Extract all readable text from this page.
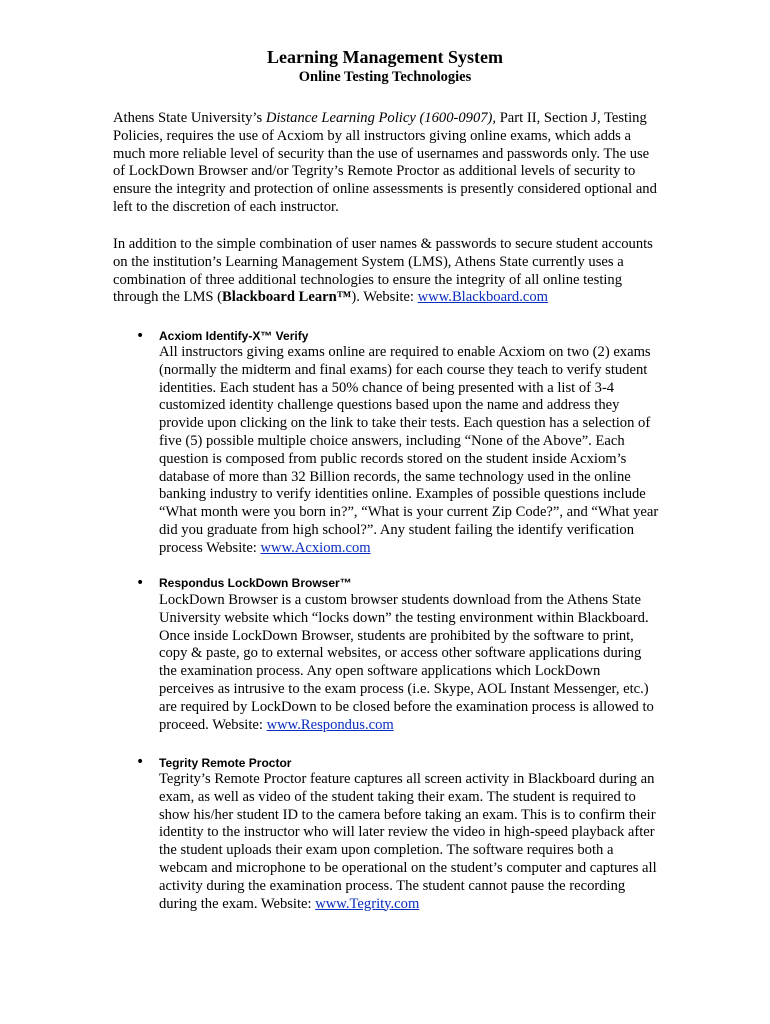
Learning Management System
Online Testing Technologies

Athens State University’s Distance Learning Policy (1600-0907), Part II, Section J, Testing Policies, requires the use of Acxiom by all instructors giving online exams, which adds a much more reliable level of security than the use of usernames and passwords only. The use of LockDown Browser and/or Tegrity’s Remote Proctor as additional levels of security to ensure the integrity and protection of online assessments is presently considered optional and left to the discretion of each instructor.

In addition to the simple combination of user names & passwords to secure student accounts on the institution’s Learning Management System (LMS), Athens State currently uses a combination of three additional technologies to ensure the integrity of all online testing through the LMS (Blackboard Learn™). Website: www.Blackboard.com

• Acxiom Identify-X™ Verify

All instructors giving exams online are required to enable Acxiom on two (2) exams (normally the midterm and final exams) for each course they teach to verify student identities. Each student has a 50% chance of being presented with a list of 3-4 customized identity challenge questions based upon the name and address they provide upon clicking on the link to take their tests. Each question has a selection of five (5) possible multiple choice answers, including “None of the Above”. Each question is composed from public records stored on the student inside Acxiom’s database of more than 32 Billion records, the same technology used in the online banking industry to verify identities online. Examples of possible questions include “What month were you born in?”, “What is your current Zip Code?”, and “What year did you graduate from high school?”. Any student failing the identify verification process Website: www.Acxiom.com

• Respondus LockDown Browser™

LockDown Browser is a custom browser students download from the Athens State University website which “locks down” the testing environment within Blackboard. Once inside LockDown Browser, students are prohibited by the software to print, copy & paste, go to external websites, or access other software applications during the examination process. Any open software applications which LockDown perceives as intrusive to the exam process (i.e. Skype, AOL Instant Messenger, etc.) are required by LockDown to be closed before the examination process is allowed to proceed. Website: www.Respondus.com

• Tegrity Remote Proctor

Tegrity’s Remote Proctor feature captures all screen activity in Blackboard during an exam, as well as video of the student taking their exam. The student is required to show his/her student ID to the camera before taking an exam. This is to confirm their identity to the instructor who will later review the video in high-speed playback after the student uploads their exam upon completion. The software requires both a webcam and microphone to be operational on the student’s computer and captures all activity during the examination process. The student cannot pause the recording during the exam. Website: www.Tegrity.com
